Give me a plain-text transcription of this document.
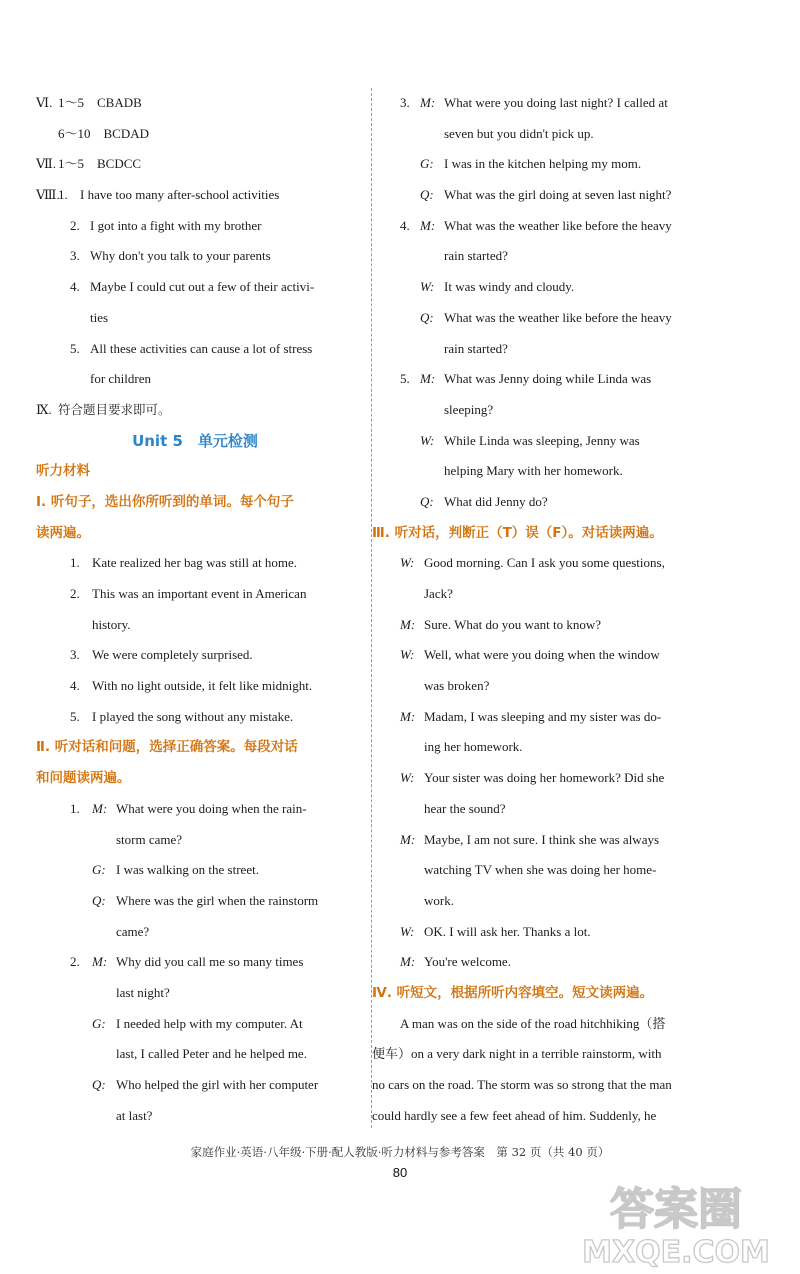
Ⅵ. 1～5　CBADB
6～10　BCDAD
Ⅶ. 1～5　BCDCC
Ⅷ.
1. I have too many after-school activities
2. I got into a fight with my brother
3. Why don't you talk to your parents
4. Maybe I could cut out a few of their activi-
ties
5. All these activities can cause a lot of stress
for children
Ⅸ. 符合题目要求即可。
Unit 5　单元检测
听力材料
Ⅰ. 听句子，选出你所听到的单词。每个句子
读两遍。
1. Kate realized her bag was still at home.
2. This was an important event in American
history.
3. We were completely surprised.
4. With no light outside, it felt like midnight.
5. I played the song without any mistake.
Ⅱ. 听对话和问题，选择正确答案。每段对话
和问题读两遍。
1. M: What were you doing when the rain-
storm came?
G: I was walking on the street.
Q: Where was the girl when the rainstorm
came?
2. M: Why did you call me so many times
last night?
G: I needed help with my computer. At
last, I called Peter and he helped me.
Q: Who helped the girl with her computer
at last?
3. M: What were you doing last night? I called at
seven but you didn't pick up.
G: I was in the kitchen helping my mom.
Q: What was the girl doing at seven last night?
4. M: What was the weather like before the heavy
rain started?
W: It was windy and cloudy.
Q: What was the weather like before the heavy
rain started?
5. M: What was Jenny doing while Linda was
sleeping?
W: While Linda was sleeping, Jenny was
helping Mary with her homework.
Q: What did Jenny do?
Ⅲ. 听对话，判断正（T）误（F）。对话读两遍。
W: Good morning. Can I ask you some questions,
Jack?
M: Sure. What do you want to know?
W: Well, what were you doing when the window
was broken?
M: Madam, I was sleeping and my sister was do-
ing her homework.
W: Your sister was doing her homework? Did she
hear the sound?
M: Maybe, I am not sure. I think she was always
watching TV when she was doing her home-
work.
W: OK. I will ask her. Thanks a lot.
M: You're welcome.
Ⅳ. 听短文，根据所听内容填空。短文读两遍。
A man was on the side of the road hitchhiking（搭
便车）on a very dark night in a terrible rainstorm, with
no cars on the road. The storm was so strong that the man
could hardly see a few feet ahead of him. Suddenly, he
家庭作业·英语·八年级·下册·配人教版·听力材料与参考答案　第 32 页（共 40 页）
80
答案圈
MXQE.COM
